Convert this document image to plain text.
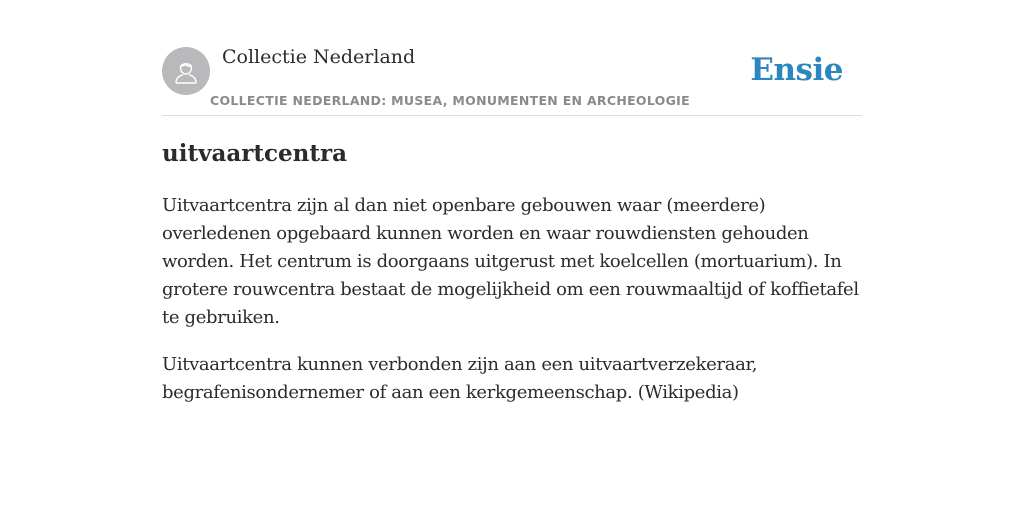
Collectie Nederland
COLLECTIE NEDERLAND: MUSEA, MONUMENTEN EN ARCHEOLOGIE
Ensie
uitvaartcentra

Uitvaartcentra zijn al dan niet openbare gebouwen waar (meerdere) overledenen opgebaard kunnen worden en waar rouwdiensten gehouden worden. Het centrum is doorgaans uitgerust met koelcellen (mortuarium). In grotere rouwcentra bestaat de mogelijkheid om een rouwmaaltijd of koffietafel te gebruiken.

Uitvaartcentra kunnen verbonden zijn aan een uitvaartverzekeraar, begrafenisondernemer of aan een kerkgemeenschap. (Wikipedia)
